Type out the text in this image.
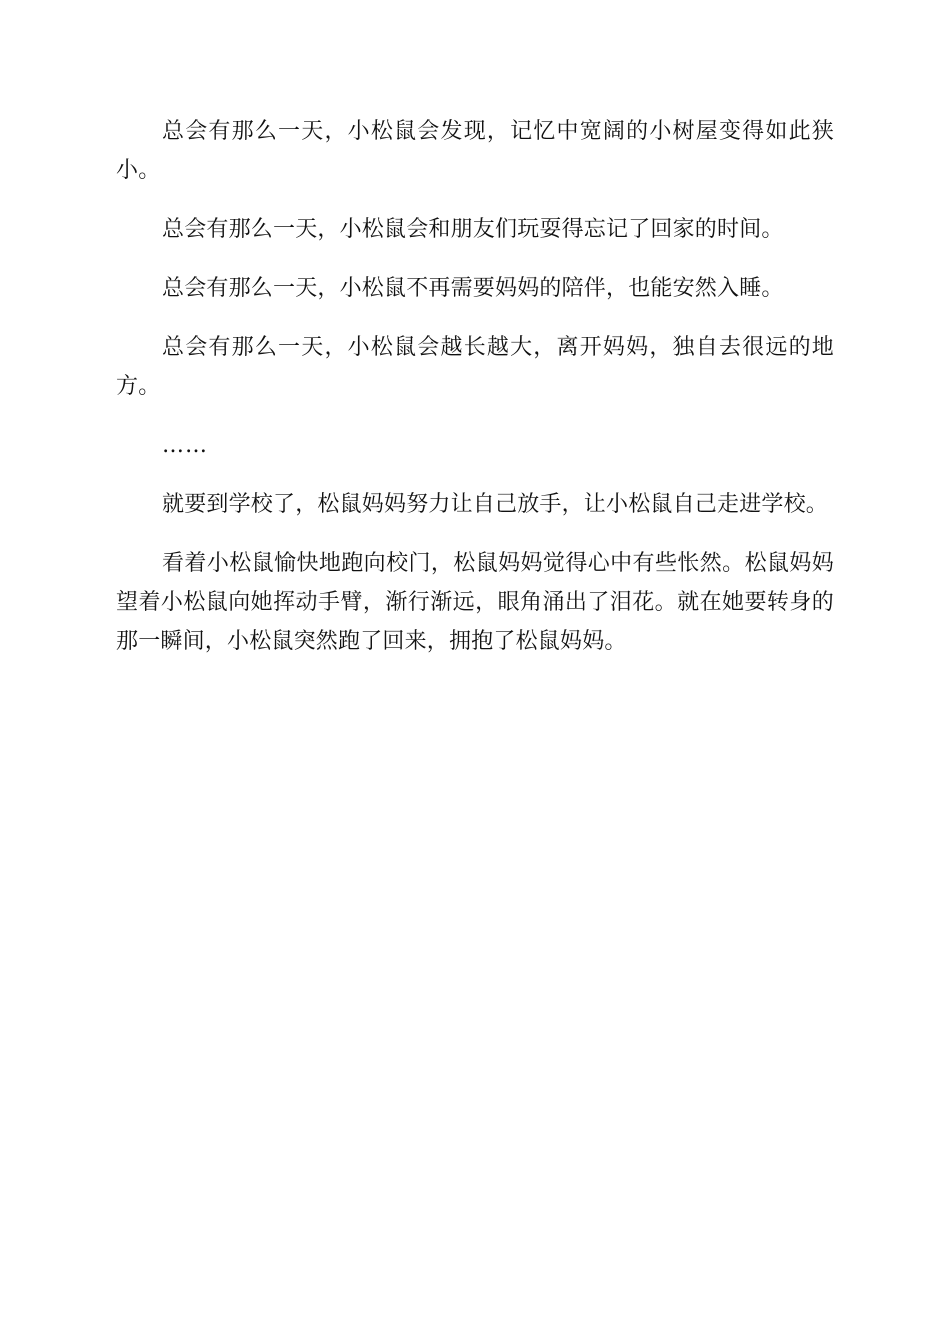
总会有那么一天，小松鼠会发现，记忆中宽阔的小树屋变得如此狭小。

总会有那么一天，小松鼠会和朋友们玩耍得忘记了回家的时间。

总会有那么一天，小松鼠不再需要妈妈的陪伴，也能安然入睡。

总会有那么一天，小松鼠会越长越大，离开妈妈，独自去很远的地方。

……

就要到学校了，松鼠妈妈努力让自己放手，让小松鼠自己走进学校。

看着小松鼠愉快地跑向校门，松鼠妈妈觉得心中有些怅然。松鼠妈妈望着小松鼠向她挥动手臂，渐行渐远，眼角涌出了泪花。就在她要转身的那一瞬间，小松鼠突然跑了回来，拥抱了松鼠妈妈。
